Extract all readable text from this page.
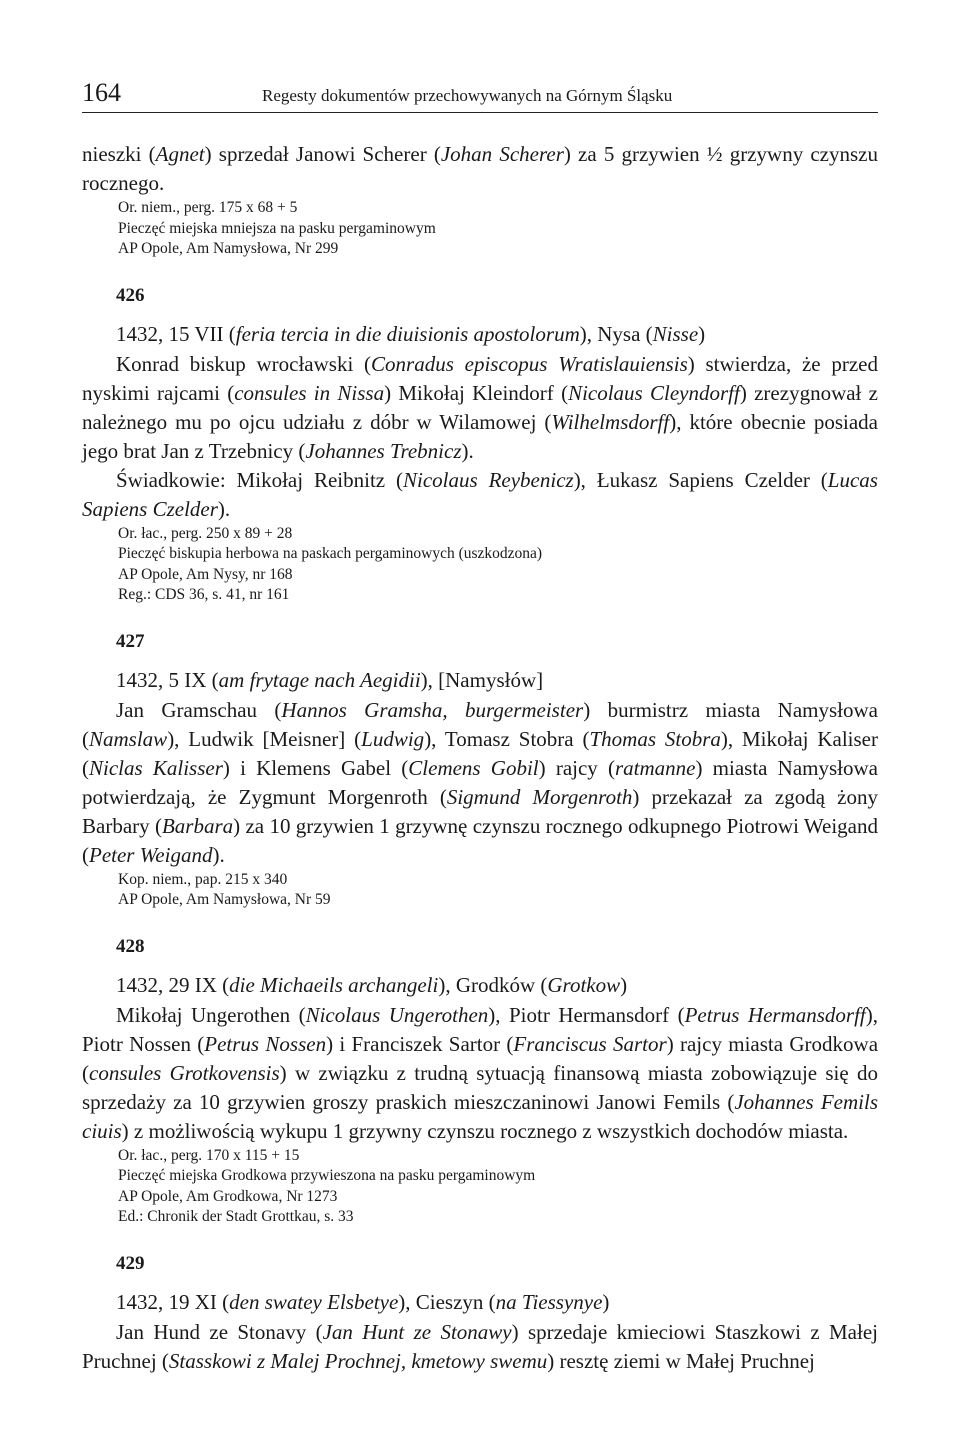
164	Regesty dokumentów przechowywanych na Górnym Śląsku

nieszki (Agnet) sprzedał Janowi Scherer (Johan Scherer) za 5 grzywien ½ grzywny czynszu rocznego.

Or. niem., perg. 175 x 68 + 5

Pieczęć miejska mniejsza na pasku pergaminowym

AP Opole, Am Namysłowa, Nr 299

426
1432, 15 VII (feria tercia in die diuisionis apostolorum), Nysa (Nisse)

Konrad biskup wrocławski (Conradus episcopus Wratislauiensis) stwierdza, że przed nyskimi rajcami (consules in Nissa) Mikołaj Kleindorf (Nicolaus Cleyndorff) zrezygnował z należnego mu po ojcu udziału z dóbr w Wilamowej (Wilhelmsdorff), które obecnie posiada jego brat Jan z Trzebnicy (Johannes Trebnicz).

Świadkowie: Mikołaj Reibnitz (Nicolaus Reybenicz), Łukasz Sapiens Czelder (Lucas Sapiens Czelder).

Or. łac., perg. 250 x 89 + 28

Pieczęć biskupia herbowa na paskach pergaminowych (uszkodzona)

AP Opole, Am Nysy, nr 168

Reg.: CDS 36, s. 41, nr 161

427
1432, 5 IX (am frytage nach Aegidii), [Namysłów]

Jan Gramschau (Hannos Gramsha, burgermeister) burmistrz miasta Namysłowa (Namslaw), Ludwik [Meisner] (Ludwig), Tomasz Stobra (Thomas Stobra), Mikołaj Kaliser (Niclas Kalisser) i Klemens Gabel (Clemens Gobil) rajcy (ratmanne) miasta Namysłowa potwierdzają, że Zygmunt Morgenroth (Sigmund Morgenroth) przekazał za zgodą żony Barbary (Barbara) za 10 grzywien 1 grzywnę czynszu rocznego odkupnego Piotrowi Weigand (Peter Weigand).

Kop. niem., pap. 215 x 340

AP Opole, Am Namysłowa, Nr 59

428
1432, 29 IX (die Michaeils archangeli), Grodków (Grotkow)

Mikołaj Ungerothen (Nicolaus Ungerothen), Piotr Hermansdorf (Petrus Hermansdorff), Piotr Nossen (Petrus Nossen) i Franciszek Sartor (Franciscus Sartor) rajcy miasta Grodkowa (consules Grotkovensis) w związku z trudną sytuacją finansową miasta zobowiązuje się do sprzedaży za 10 grzywien groszy praskich mieszczaninowi Janowi Femils (Johannes Femils ciuis) z możliwością wykupu 1 grzywny czynszu rocznego z wszystkich dochodów miasta.

Or. łac., perg. 170 x 115 + 15

Pieczęć miejska Grodkowa przywieszona na pasku pergaminowym

AP Opole, Am Grodkowa, Nr 1273

Ed.: Chronik der Stadt Grottkau, s. 33

429
1432, 19 XI (den swatey Elsbetye), Cieszyn (na Tiessynye)

Jan Hund ze Stonavy (Jan Hunt ze Stonawy) sprzedaje kmieciowi Staszkowi z Małej Pruchnej (Stasskowi z Malej Prochnej, kmetowy swemu) resztę ziemi w Małej Pruchnej
